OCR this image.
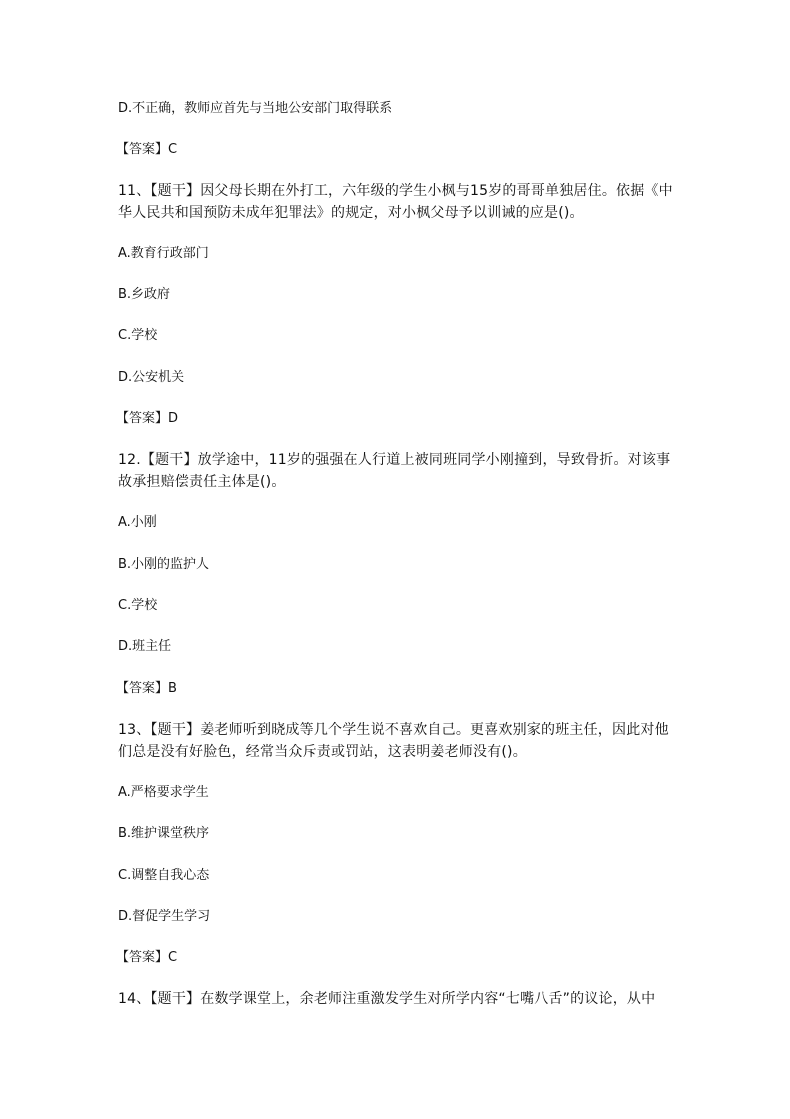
D.不正确，教师应首先与当地公安部门取得联系
【答案】C
11、【题干】因父母长期在外打工，六年级的学生小枫与15岁的哥哥单独居住。依据《中
华人民共和国预防未成年犯罪法》的规定，对小枫父母予以训诫的应是()。
A.教育行政部门
B.乡政府
C.学校
D.公安机关
【答案】D
12.【题干】放学途中，11岁的强强在人行道上被同班同学小刚撞到，导致骨折。对该事
故承担赔偿责任主体是()。
A.小刚
B.小刚的监护人
C.学校
D.班主任
【答案】B
13、【题干】姜老师听到晓成等几个学生说不喜欢自己。更喜欢别家的班主任，因此对他
们总是没有好脸色，经常当众斥责或罚站，这表明姜老师没有()。
A.严格要求学生
B.维护课堂秩序
C.调整自我心态
D.督促学生学习
【答案】C
14、【题干】在数学课堂上，余老师注重激发学生对所学内容“七嘴八舌”的议论，从中
